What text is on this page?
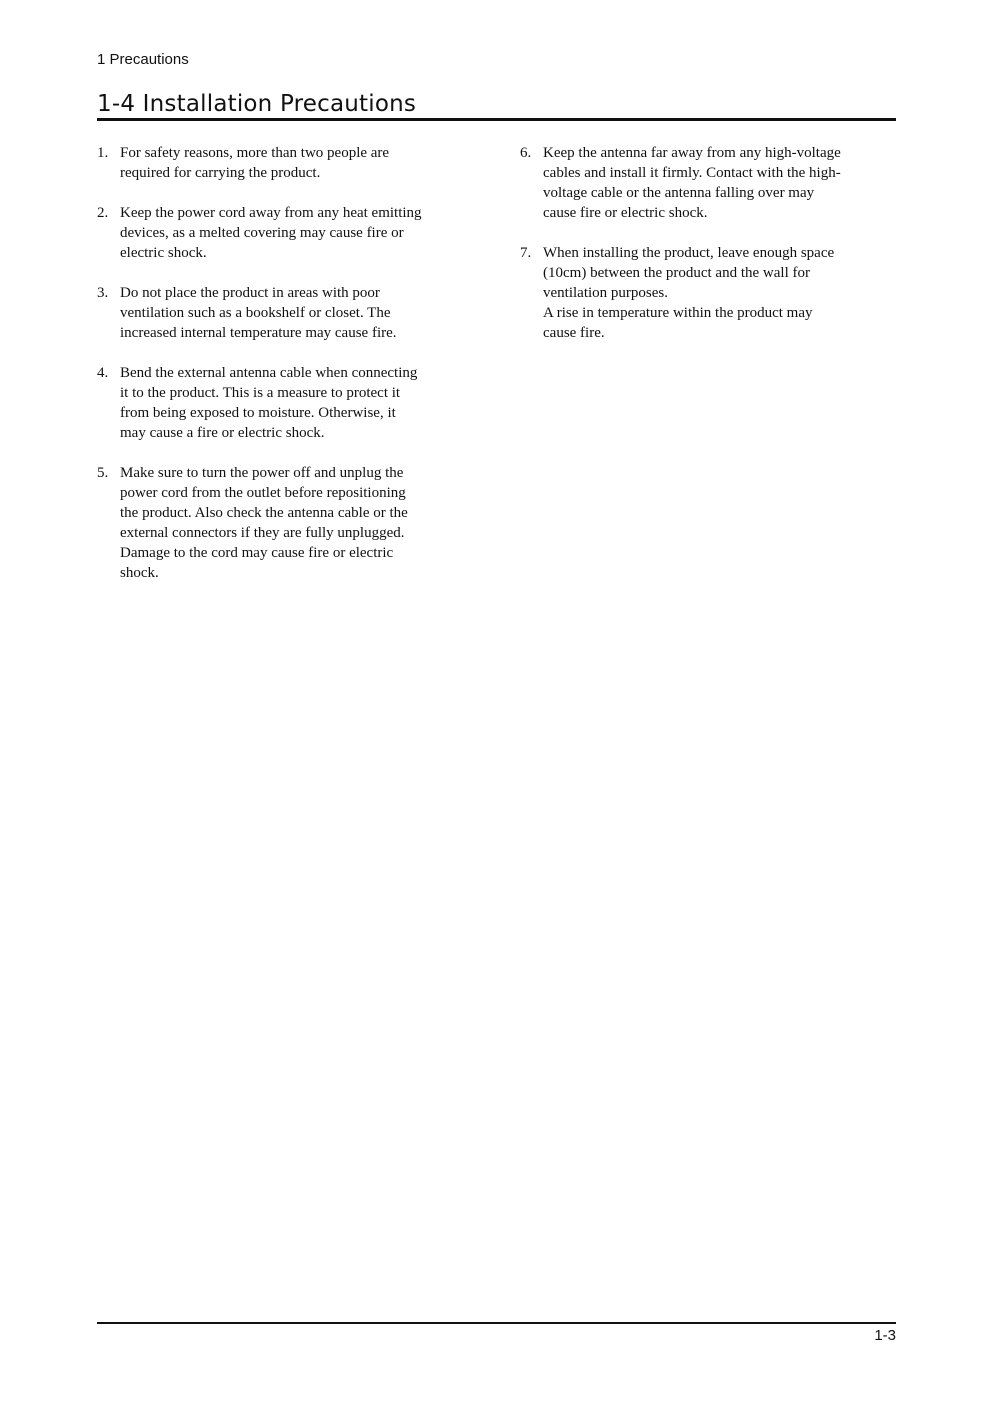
1 Precautions
1-4 Installation Precautions
1. For safety reasons, more than two people are
required for carrying the product.
2. Keep the power cord away from any heat emitting
devices, as a melted covering may cause fire or
electric shock.
3. Do not place the product in areas with poor
ventilation such as a bookshelf or closet. The
increased internal temperature may cause fire.
4. Bend the external antenna cable when connecting
it to the product. This is a measure to protect it
from being exposed to moisture. Otherwise, it
may cause a fire or electric shock.
5. Make sure to turn the power off and unplug the
power cord from the outlet before repositioning
the product. Also check the antenna cable or the
external connectors if they are fully unplugged.
Damage to the cord may cause fire or electric
shock.
6. Keep the antenna far away from any high-voltage
cables and install it firmly. Contact with the high-
voltage cable or the antenna falling over may
cause fire or electric shock.
7. When installing the product, leave enough space
(10cm) between the product and the wall for
ventilation purposes.
A rise in temperature within the product may
cause fire.
1-3
